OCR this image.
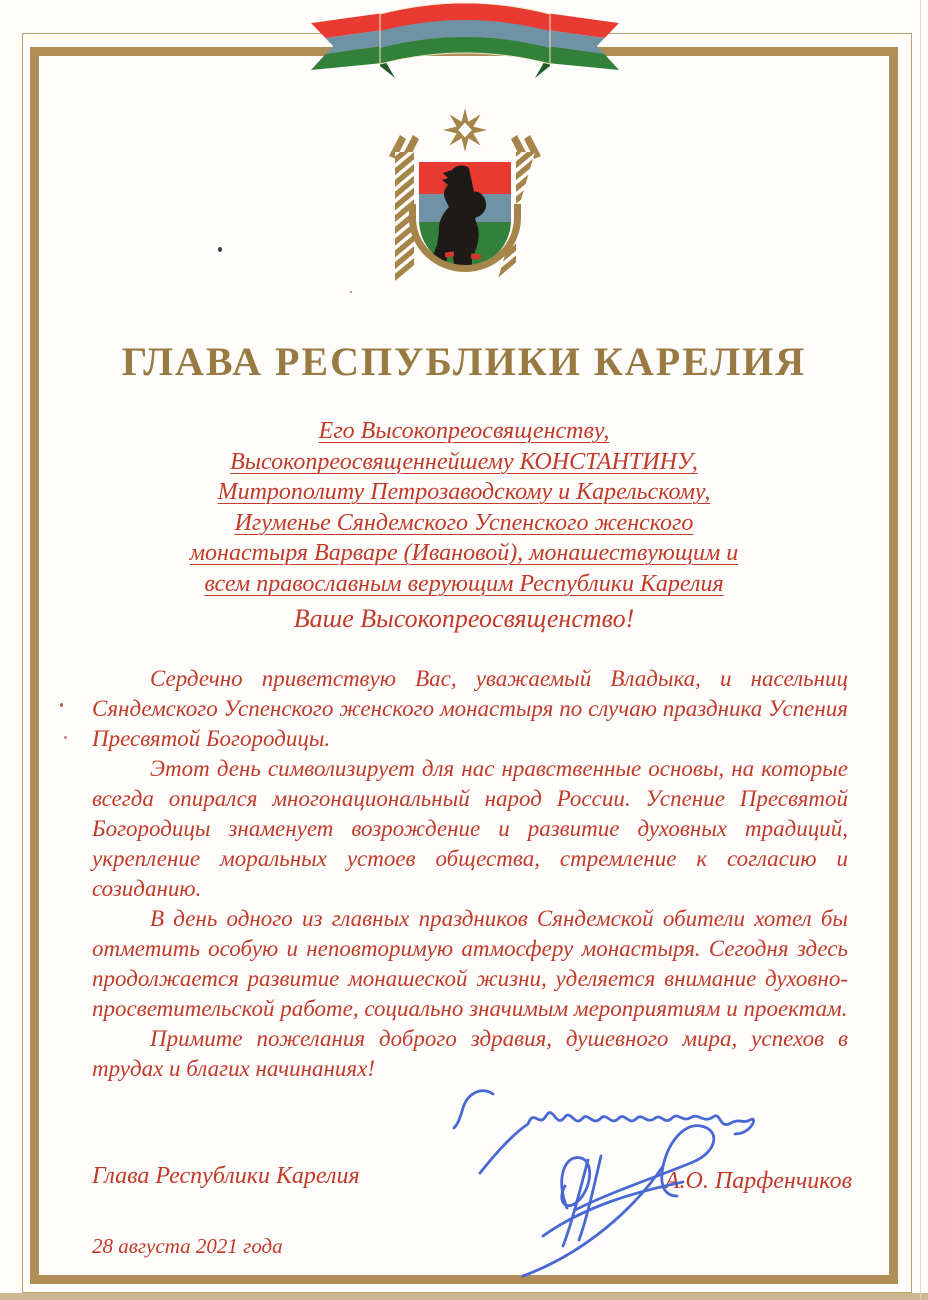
ГЛАВА РЕСПУБЛИКИ КАРЕЛИЯ
Его Высокопреосвященству,
Высокопреосвященнейшему КОНСТАНТИНУ,
Митрополиту Петрозаводскому и Карельскому,
Игуменье Сяндемского Успенского женского
монастыря Варваре (Ивановой), монашествующим и
всем православным верующим Республики Карелия
Ваше Высокопреосвященство!

Сердечно приветствую Вас, уважаемый Владыка, и насельниц Сяндемского Успенского женского монастыря по случаю праздника Успения Пресвятой Богородицы.

Этот день символизирует для нас нравственные основы, на которые всегда опирался многонациональный народ России. Успение Пресвятой Богородицы знаменует возрождение и развитие духовных традиций, укрепление моральных устоев общества, стремление к согласию и созиданию.

В день одного из главных праздников Сяндемской обители хотел бы отметить особую и неповторимую атмосферу монастыря. Сегодня здесь продолжается развитие монашеской жизни, уделяется внимание духовно-просветительской работе, социально значимым мероприятиям и проектам.

Примите пожелания доброго здравия, душевного мира, успехов в трудах и благих начинаниях!

Глава Республики Карелия	А.О. Парфенчиков
28 августа 2021 года
